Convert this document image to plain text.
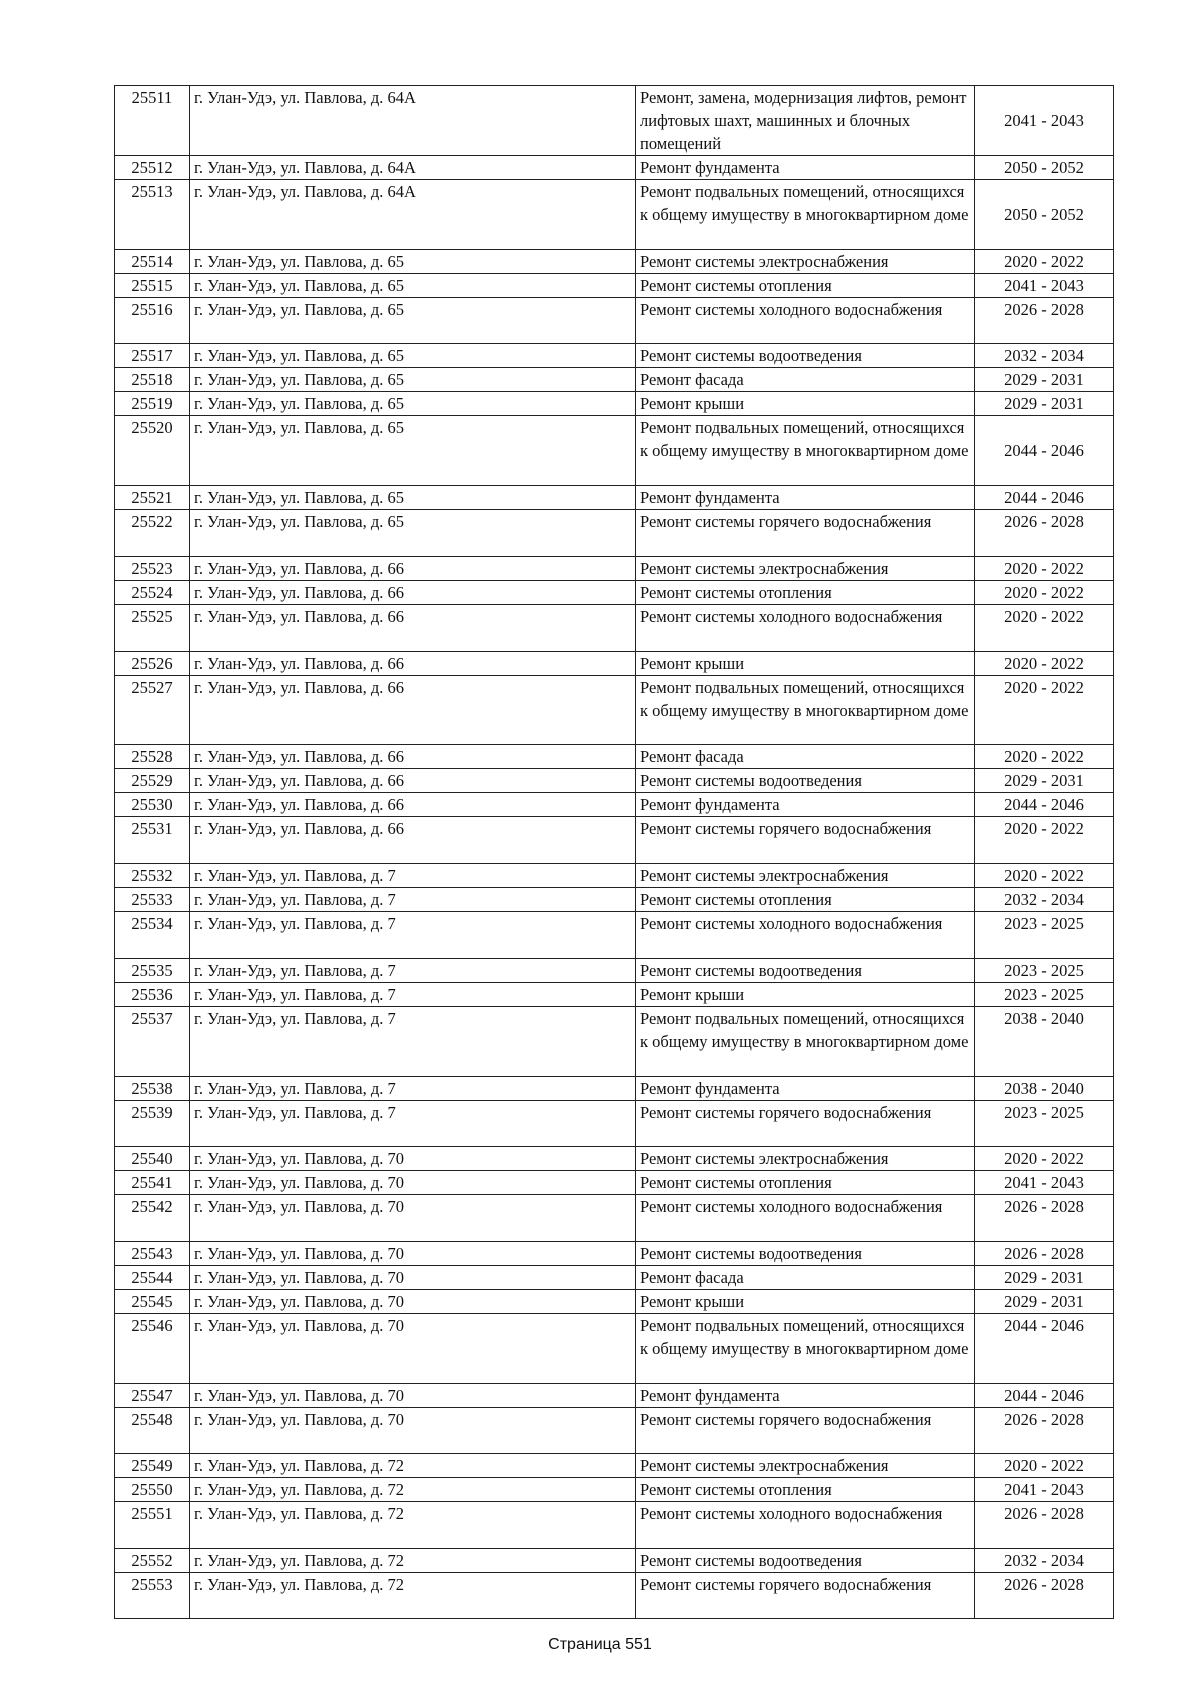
25511	г. Улан-Удэ, ул. Павлова, д. 64А	Ремонт, замена, модернизация лифтов, ремонт лифтовых шахт, машинных и блочных помещений	2041 - 2043
25512	г. Улан-Удэ, ул. Павлова, д. 64А	Ремонт фундамента	2050 - 2052
25513	г. Улан-Удэ, ул. Павлова, д. 64А	Ремонт подвальных помещений, относящихся к общему имуществу в многоквартирном доме	2050 - 2052
25514	г. Улан-Удэ, ул. Павлова, д. 65	Ремонт системы электроснабжения	2020 - 2022
25515	г. Улан-Удэ, ул. Павлова, д. 65	Ремонт системы отопления	2041 - 2043
25516	г. Улан-Удэ, ул. Павлова, д. 65	Ремонт системы холодного водоснабжения	2026 - 2028
25517	г. Улан-Удэ, ул. Павлова, д. 65	Ремонт системы водоотведения	2032 - 2034
25518	г. Улан-Удэ, ул. Павлова, д. 65	Ремонт фасада	2029 - 2031
25519	г. Улан-Удэ, ул. Павлова, д. 65	Ремонт крыши	2029 - 2031
25520	г. Улан-Удэ, ул. Павлова, д. 65	Ремонт подвальных помещений, относящихся к общему имуществу в многоквартирном доме	2044 - 2046
25521	г. Улан-Удэ, ул. Павлова, д. 65	Ремонт фундамента	2044 - 2046
25522	г. Улан-Удэ, ул. Павлова, д. 65	Ремонт системы горячего водоснабжения	2026 - 2028
25523	г. Улан-Удэ, ул. Павлова, д. 66	Ремонт системы электроснабжения	2020 - 2022
25524	г. Улан-Удэ, ул. Павлова, д. 66	Ремонт системы отопления	2020 - 2022
25525	г. Улан-Удэ, ул. Павлова, д. 66	Ремонт системы холодного водоснабжения	2020 - 2022
25526	г. Улан-Удэ, ул. Павлова, д. 66	Ремонт крыши	2020 - 2022
25527	г. Улан-Удэ, ул. Павлова, д. 66	Ремонт подвальных помещений, относящихся к общему имуществу в многоквартирном доме	2020 - 2022
25528	г. Улан-Удэ, ул. Павлова, д. 66	Ремонт фасада	2020 - 2022
25529	г. Улан-Удэ, ул. Павлова, д. 66	Ремонт системы водоотведения	2029 - 2031
25530	г. Улан-Удэ, ул. Павлова, д. 66	Ремонт фундамента	2044 - 2046
25531	г. Улан-Удэ, ул. Павлова, д. 66	Ремонт системы горячего водоснабжения	2020 - 2022
25532	г. Улан-Удэ, ул. Павлова, д. 7	Ремонт системы электроснабжения	2020 - 2022
25533	г. Улан-Удэ, ул. Павлова, д. 7	Ремонт системы отопления	2032 - 2034
25534	г. Улан-Удэ, ул. Павлова, д. 7	Ремонт системы холодного водоснабжения	2023 - 2025
25535	г. Улан-Удэ, ул. Павлова, д. 7	Ремонт системы водоотведения	2023 - 2025
25536	г. Улан-Удэ, ул. Павлова, д. 7	Ремонт крыши	2023 - 2025
25537	г. Улан-Удэ, ул. Павлова, д. 7	Ремонт подвальных помещений, относящихся к общему имуществу в многоквартирном доме	2038 - 2040
25538	г. Улан-Удэ, ул. Павлова, д. 7	Ремонт фундамента	2038 - 2040
25539	г. Улан-Удэ, ул. Павлова, д. 7	Ремонт системы горячего водоснабжения	2023 - 2025
25540	г. Улан-Удэ, ул. Павлова, д. 70	Ремонт системы электроснабжения	2020 - 2022
25541	г. Улан-Удэ, ул. Павлова, д. 70	Ремонт системы отопления	2041 - 2043
25542	г. Улан-Удэ, ул. Павлова, д. 70	Ремонт системы холодного водоснабжения	2026 - 2028
25543	г. Улан-Удэ, ул. Павлова, д. 70	Ремонт системы водоотведения	2026 - 2028
25544	г. Улан-Удэ, ул. Павлова, д. 70	Ремонт фасада	2029 - 2031
25545	г. Улан-Удэ, ул. Павлова, д. 70	Ремонт крыши	2029 - 2031
25546	г. Улан-Удэ, ул. Павлова, д. 70	Ремонт подвальных помещений, относящихся к общему имуществу в многоквартирном доме	2044 - 2046
25547	г. Улан-Удэ, ул. Павлова, д. 70	Ремонт фундамента	2044 - 2046
25548	г. Улан-Удэ, ул. Павлова, д. 70	Ремонт системы горячего водоснабжения	2026 - 2028
25549	г. Улан-Удэ, ул. Павлова, д. 72	Ремонт системы электроснабжения	2020 - 2022
25550	г. Улан-Удэ, ул. Павлова, д. 72	Ремонт системы отопления	2041 - 2043
25551	г. Улан-Удэ, ул. Павлова, д. 72	Ремонт системы холодного водоснабжения	2026 - 2028
25552	г. Улан-Удэ, ул. Павлова, д. 72	Ремонт системы водоотведения	2032 - 2034
25553	г. Улан-Удэ, ул. Павлова, д. 72	Ремонт системы горячего водоснабжения	2026 - 2028
Страница 551
